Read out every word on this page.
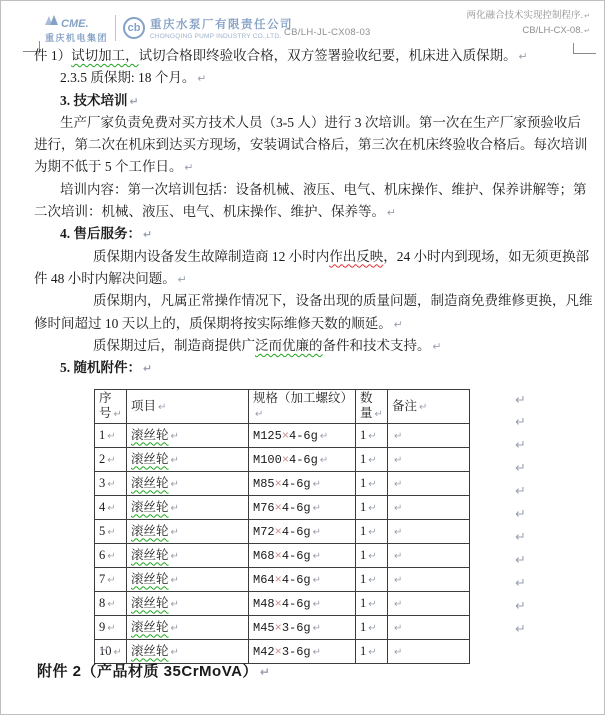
CME.
重庆机电集团
cb 重庆水泵厂有限责任公司
CHONGQING PUMP INDUSTRY CO.,LTD. CB/LH-JL-CX08-03
两化融合技术实现控制程序. ↵
CB/LH-CX-08. ↵
件 1）试切加工，试切合格即终验收合格，双方签署验收纪要，机床进入质保期。 ↵
2.3.5 质保期: 18 个月。 ↵
3. 技术培训 ↵
生产厂家负责免费对买方技术人员（3-5 人）进行 3 次培训。第一次在生产厂家预验收后
进行，第二次在机床到达买方现场，安装调试合格后，第三次在机床终验收合格后。每次培训
为期不低于 5 个工作日。 ↵
培训内容：第一次培训包括：设备机械、液压、电气、机床操作、维护、保养讲解等；第
二次培训：机械、液压、电气、机床操作、维护、保养等。 ↵
4. 售后服务： ↵
质保期内设备发生故障制造商 12 小时内作出反映，24 小时内到现场，如无须更换部
件 48 小时内解决问题。 ↵
质保期内，凡属正常操作情况下，设备出现的质量问题，制造商免费维修更换，凡维
修时间超过 10 天以上的，质保期将按实际维修天数的顺延。 ↵
质保期过后，制造商提供广泛而优廉的备件和技术支持。 ↵
5. 随机附件： ↵
序号 ↵	项目 ↵	规格（加工螺纹） ↵	数量 ↵	备注 ↵
1 ↵	滚丝轮 ↵	M125×4-6g ↵	1 ↵	↵
2 ↵	滚丝轮 ↵	M100×4-6g ↵	1 ↵	↵
3 ↵	滚丝轮 ↵	M85×4-6g ↵	1 ↵	↵
4 ↵	滚丝轮 ↵	M76×4-6g ↵	1 ↵	↵
5 ↵	滚丝轮 ↵	M72×4-6g ↵	1 ↵	↵
6 ↵	滚丝轮 ↵	M68×4-6g ↵	1 ↵	↵
7 ↵	滚丝轮 ↵	M64×4-6g ↵	1 ↵	↵
8 ↵	滚丝轮 ↵	M48×4-6g ↵	1 ↵	↵
9 ↵	滚丝轮 ↵	M45×3-6g ↵	1 ↵	↵
10 ↵	滚丝轮 ↵	M42×3-6g ↵	1 ↵	↵
↵
↵
↵
↵
↵
↵
↵
↵
↵
↵
↵
↵
附件 2（产品材质 35CrMoVA） ↵
